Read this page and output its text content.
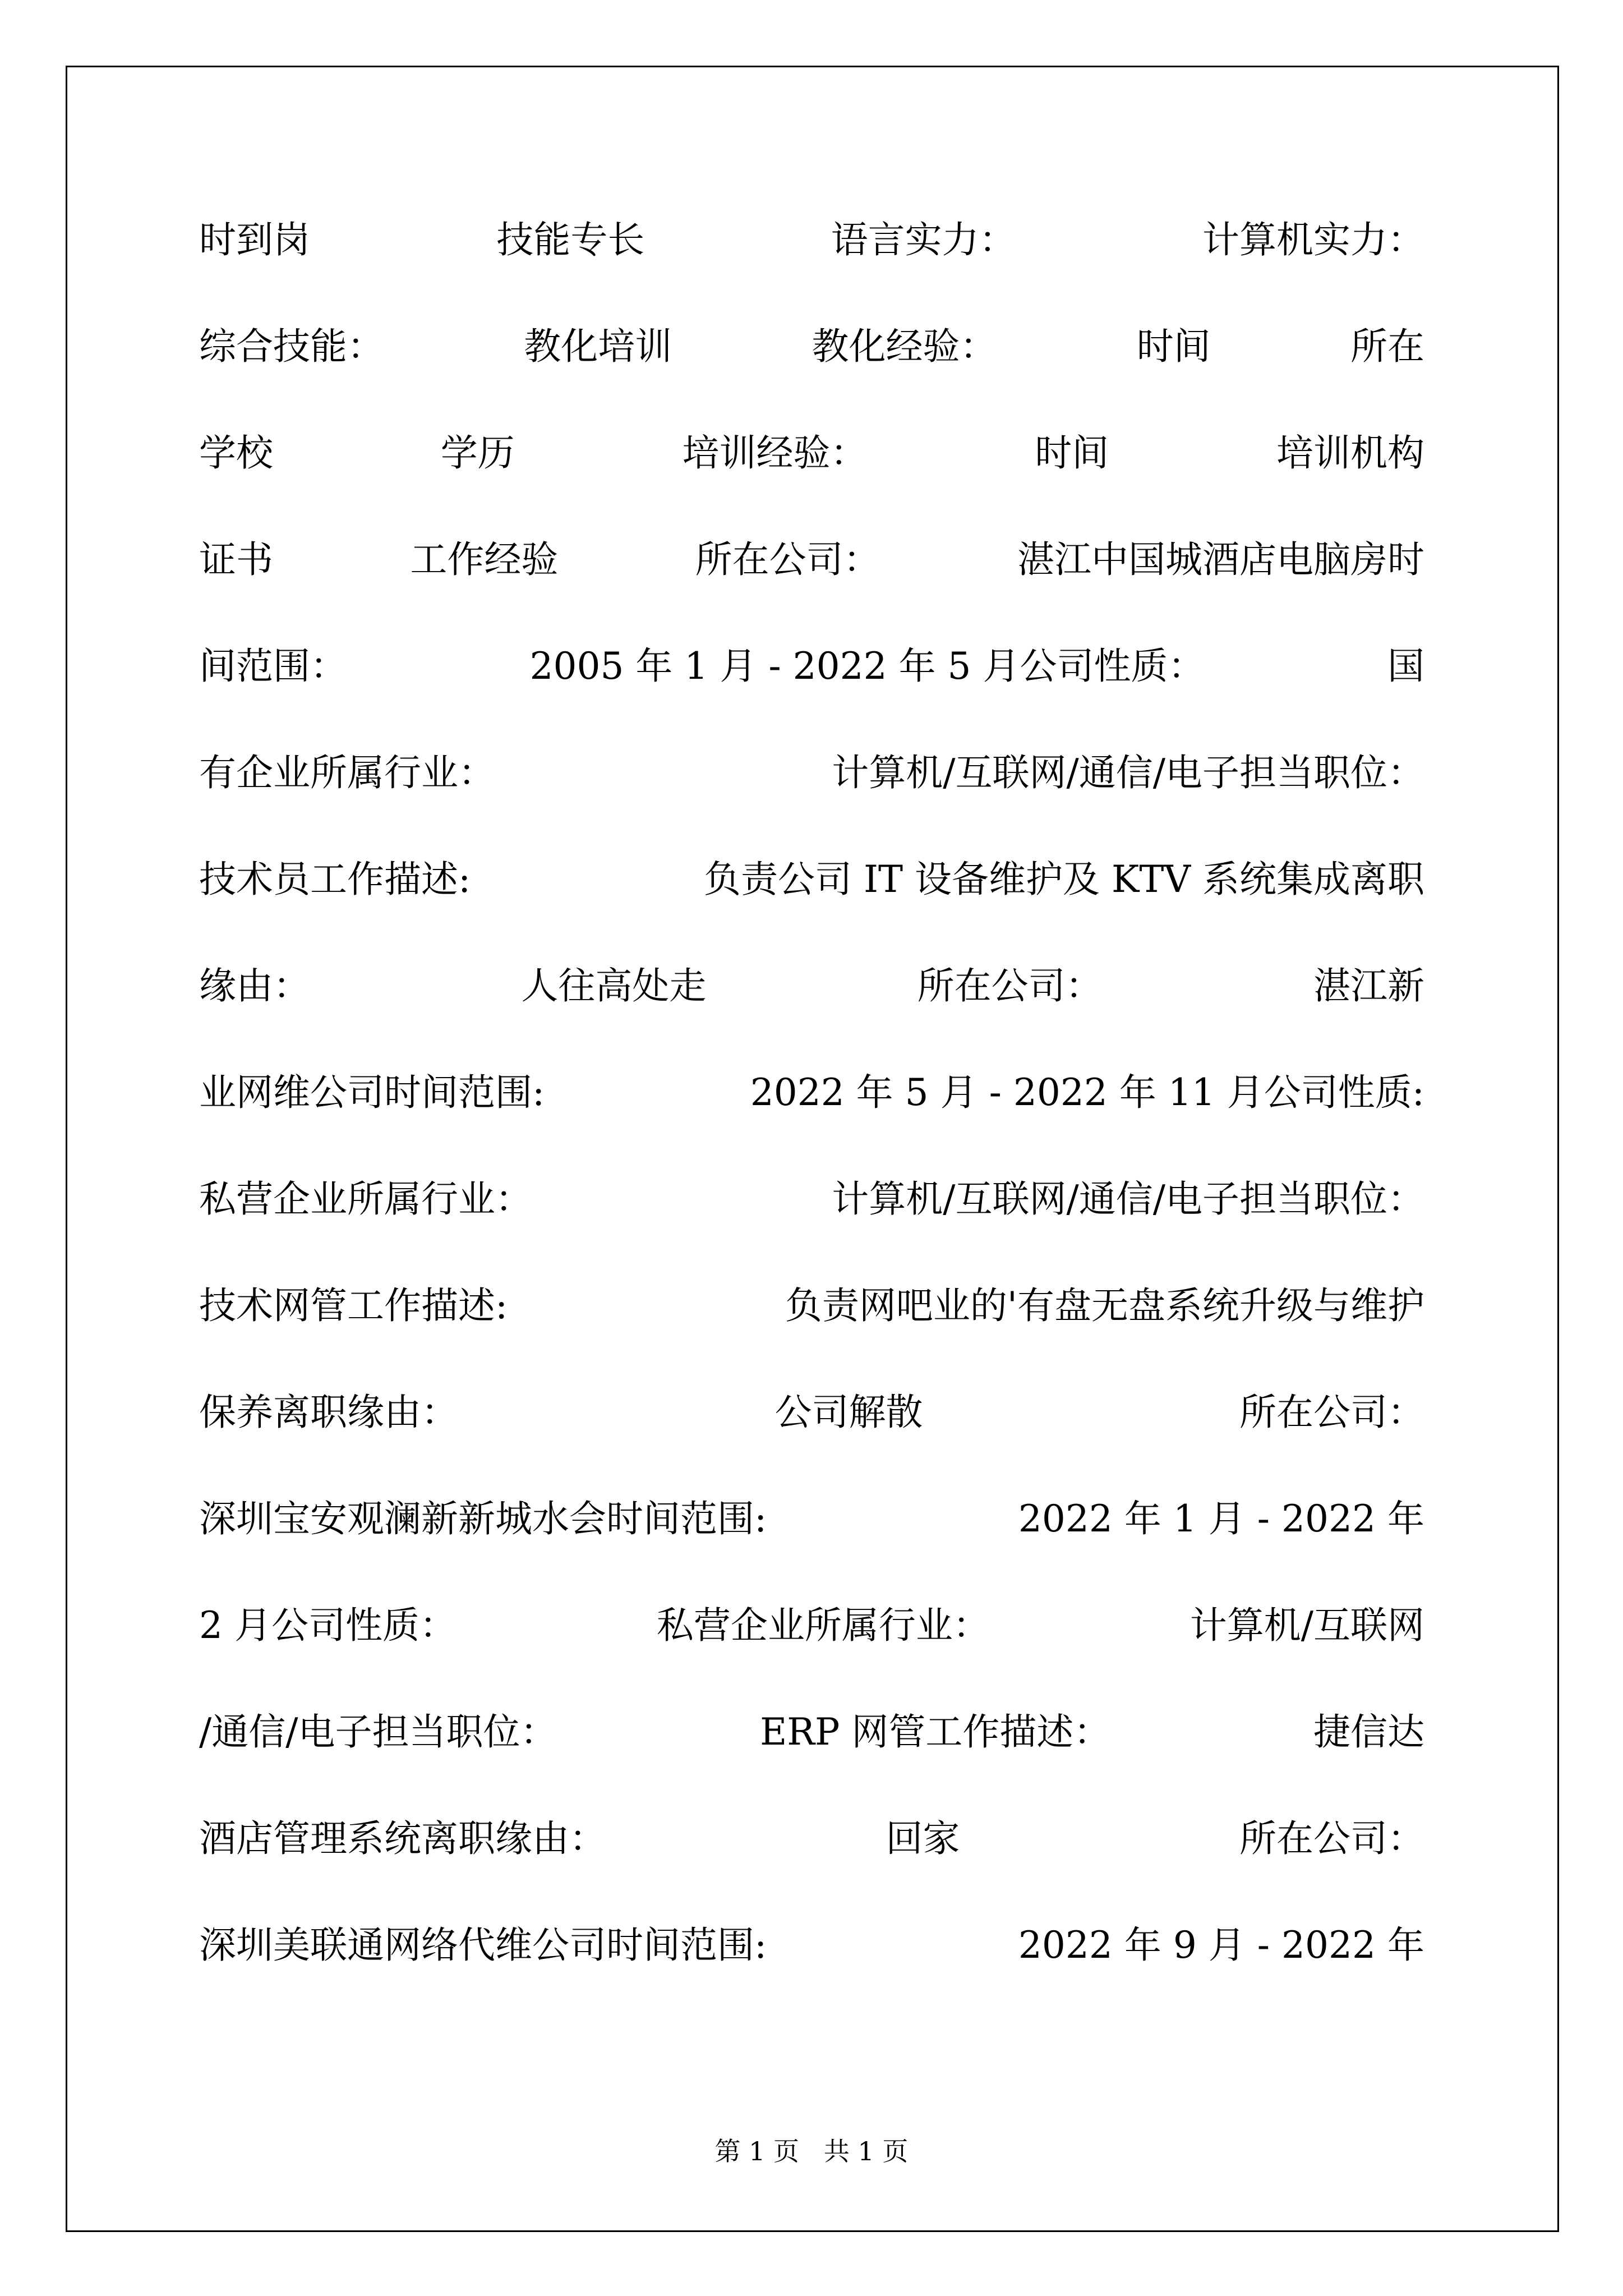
时到岗	技能专长	语言实力：	计算机实力：
综合技能：	教化培训	教化经验：	时间	所在
学校	学历	培训经验：	时间	培训机构
证书	工作经验	所在公司：	湛江中国城酒店电脑房时
间范围：	2005 年 1 月 - 2022 年 5 月公司性质：	国
有企业所属行业：	计算机/互联网/通信/电子担当职位：
技术员工作描述:	负责公司 IT 设备维护及 KTV 系统集成离职
缘由：	人往高处走	所在公司：	湛江新
业网维公司时间范围:	2022 年 5 月 - 2022 年 11 月公司性质:
私营企业所属行业：	计算机/互联网/通信/电子担当职位：
技术网管工作描述:	负责网吧业的'有盘无盘系统升级与维护
保养离职缘由：	公司解散	所在公司：
深圳宝安观澜新新城水会时间范围:	2022 年 1 月 - 2022 年
2 月公司性质：	私营企业所属行业：	计算机/互联网
/通信/电子担当职位：	ERP 网管工作描述：	捷信达
酒店管理系统离职缘由：	回家	所在公司：
深圳美联通网络代维公司时间范围:	2022 年 9 月 - 2022 年
第 1 页   共 1 页
